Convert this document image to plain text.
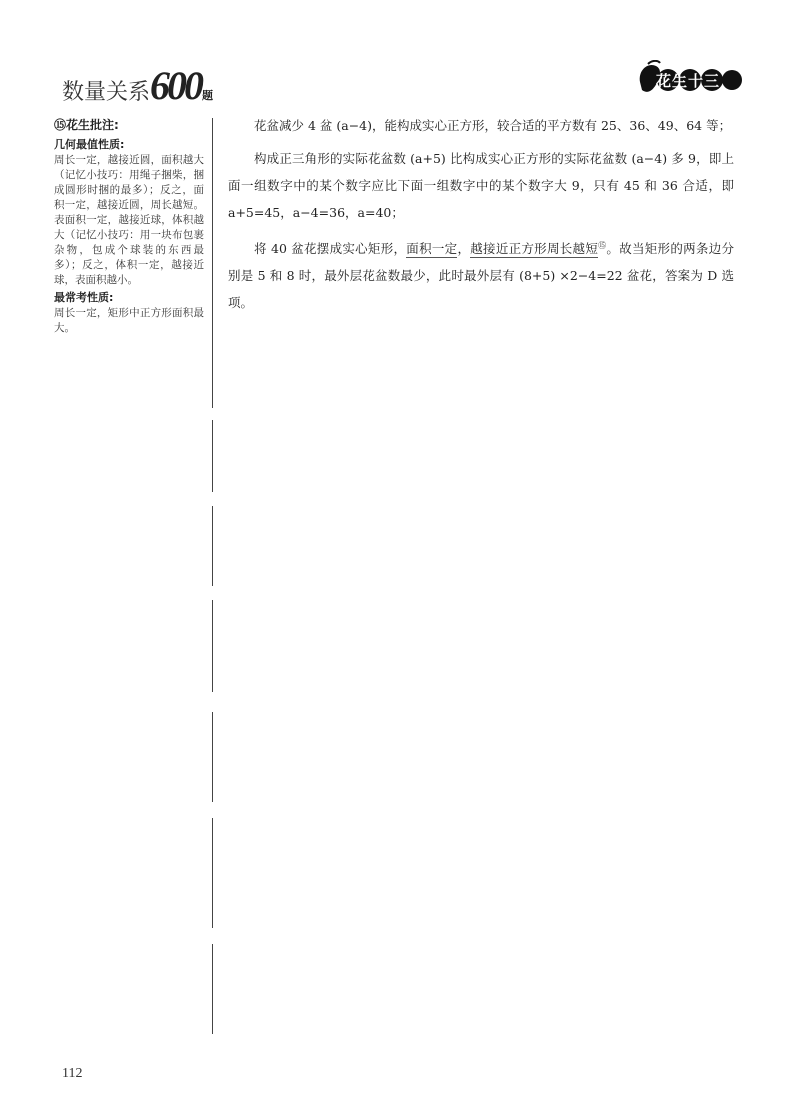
数量关系600题
花生十三
⑮花生批注:
几何最值性质:
周长一定，越接近圆，面积越大（记忆小技巧：用绳子捆柴，捆成圆形时捆的最多）；反之，面积一定，越接近圆，周长越短。表面积一定，越接近球，体积越大（记忆小技巧：用一块布包裹杂物，包成个球装的东西最多）；反之，体积一定，越接近球，表面积越小。
最常考性质:
周长一定，矩形中正方形面积最大。

花盆减少 4 盆 (a−4)，能构成实心正方形，较合适的平方数有 25、36、49、64 等；

构成正三角形的实际花盆数 (a+5) 比构成实心正方形的实际花盆数 (a−4) 多 9，即上面一组数字中的某个数字应比下面一组数字中的某个数字大 9，只有 45 和 36 合适，即 a+5=45，a−4=36，a=40；

将 40 盆花摆成实心矩形，面积一定，越接近正方形周长越短⑮。故当矩形的两条边分别是 5 和 8 时，最外层花盆数最少，此时最外层有 (8+5) ×2−4=22 盆花，答案为 D 选项。

112
